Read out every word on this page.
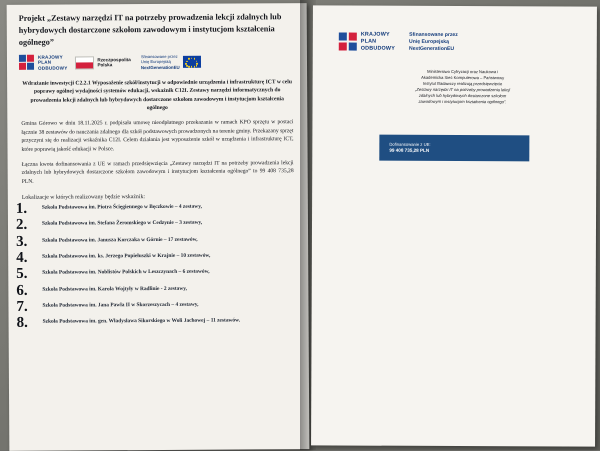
Projekt „Zestawy narzędzi IT na potrzeby prowadzenia lekcji zdalnych lub hybrydowych dostarczone szkołom zawodowym i instytucjom kształcenia ogólnego”
KRAJOWY
PLAN
ODBUDOWY
Rzeczpospolita
Polska
Sfinansowane przez
Unię Europejską
NextGenerationEU

Wdrażanie inwestycji C2.2.1 Wyposażenie szkół/instytucji w odpowiednie urządzenia i infrastrukturę ICT w celu poprawy ogólnej wydajności systemów edukacji, wskaźnik C12I. Zestawy narzędzi informatycznych do prowadzenia lekcji zdalnych lub hybrydowych dostarczone szkołom zawodowym i instytucjom kształcenia ogólnego

Gmina Górowo w dniu 18.11.2025 r. podpisała umowę nieodpłatnego przekazania w ramach KPO sprzętu w postaci łącznie 38 zestawów do nauczania zdalnego dla szkół podstawowych prowadzonych na terenie gminy. Przekazany sprzęt przyczyni się do realizacji wskaźnika C12I. Celem działania jest wyposażenie szkół w urządzenia i infrastrukturę ICT, które poprawią jakość edukacji w Polsce.

Łączna kwota dofinansowania z UE w ramach przedsięwzięcia „Zestawy narzędzi IT na potrzeby prowadzenia lekcji zdalnych lub hybrydowych dostarczone szkołom zawodowym i instytucjom kształcenia ogólnego” to 99 408 735,28 PLN.

Lokalizacje w których realizowany będzie wskaźnik:
Szkoła Podstawowa im. Piotra Ścięgiennego w Bęczkowie – 4 zestawy,
Szkoła Podstawowa im. Stefana Żeromskiego w Cedzynie – 3 zestawy,
Szkoła Podstawowa im. Janusza Korczaka w Górnie – 17 zestawów,
Szkoła Podstawowa im. ks. Jerzego Popiełuszki w Krajnie – 10 zestawów,
Szkoła Podstawowa im. Noblistów Polskich w Leszczynach – 6 zestawów,
Szkoła Podstawowa im. Karola Wojtyły w Radlinie - 2 zestawy,
Szkoła Podstawowa im. Jana Pawła II w Skorzeszycach – 4 zestawy,
Szkoła Podstawowa im. gen. Władysława Sikorskiego w Woli Jachowej – 11 zestawów.
KRAJOWY
PLAN
ODBUDOWY
Sfinansowane przez
Unię Europejską
NextGenerationEU
Ministerstwo Cyfryzacji oraz Naukowa i
Akademicka Sieć Komputerowa – Państwowy
Instytut Badawczy realizują przedsięwzięcie
„Zestawy narzędzi IT na potrzeby prowadzenia lekcji
zdalnych lub hybrydowych dostarczone szkołom
zawodowym i instytucjom kształcenia ogólnego”.
Dofinansowanie z UE:
99 408 735,28 PLN
